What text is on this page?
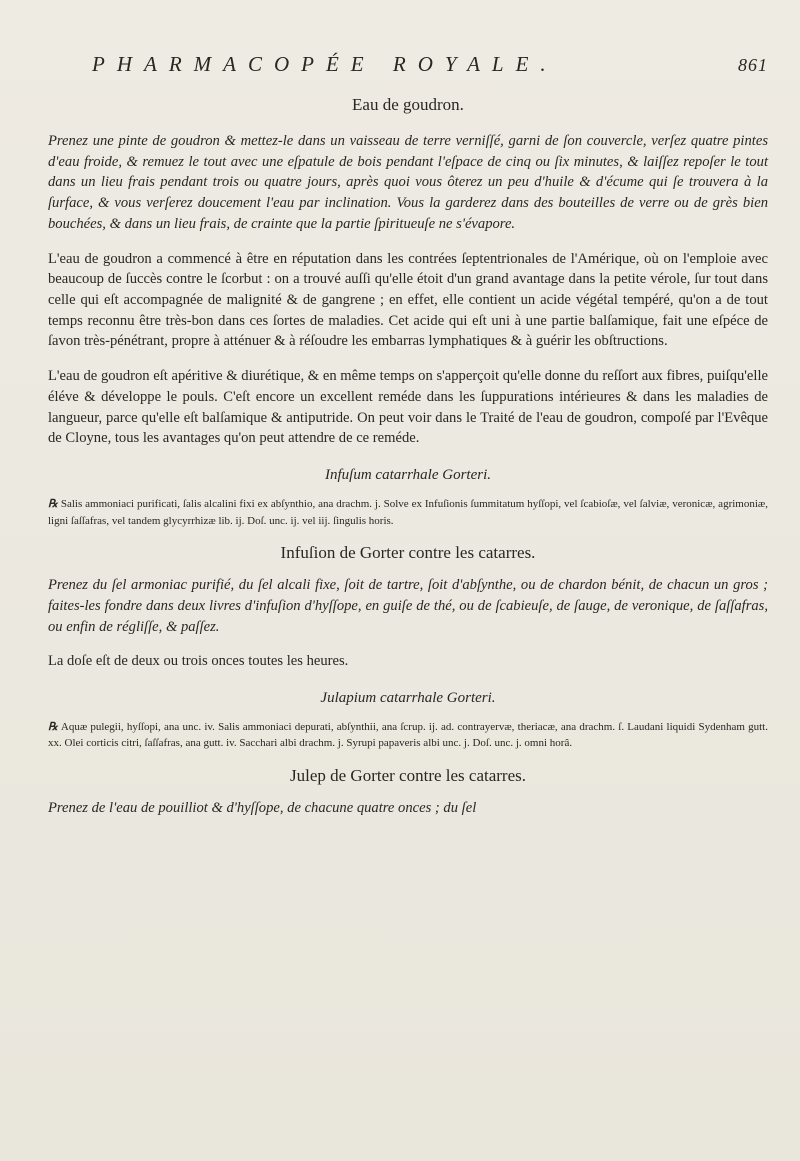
PHARMACOPÉE ROYALE.	861
Eau de goudron.

Prenez une pinte de goudron & mettez-le dans un vaisseau de terre verniſſé, garni de ſon couvercle, verſez quatre pintes d'eau froide, & remuez le tout avec une eſpatule de bois pendant l'eſpace de cinq ou ſix minutes, & laiſſez repoſer le tout dans un lieu frais pendant trois ou quatre jours, après quoi vous ôterez un peu d'huile & d'écume qui ſe trouvera à la ſurface, & vous verſerez doucement l'eau par inclination. Vous la garderez dans des bouteilles de verre ou de grès bien bouchées, & dans un lieu frais, de crainte que la partie ſpiritueuſe ne s'évapore.

L'eau de goudron a commencé à être en réputation dans les contrées ſeptentrionales de l'Amérique, où on l'emploie avec beaucoup de ſuccès contre le ſcorbut : on a trouvé auſſi qu'elle étoit d'un grand avantage dans la petite vérole, ſur tout dans celle qui eſt accompagnée de malignité & de gangrene ; en effet, elle contient un acide végétal tempéré, qu'on a de tout temps reconnu être très-bon dans ces ſortes de maladies. Cet acide qui eſt uni à une partie balſamique, fait une eſpéce de ſavon très-pénétrant, propre à atténuer & à réſoudre les embarras lymphatiques & à guérir les obſtructions.

L'eau de goudron eſt apéritive & diurétique, & en même temps on s'apperçoit qu'elle donne du reſſort aux fibres, puiſqu'elle éléve & développe le pouls. C'eſt encore un excellent reméde dans les ſuppurations intérieures & dans les maladies de langueur, parce qu'elle eſt balſamique & antiputride. On peut voir dans le Traité de l'eau de goudron, compoſé par l'Evêque de Cloyne, tous les avantages qu'on peut attendre de ce reméde.

Infuſum catarrhale Gorteri.

℞ Salis ammoniaci purificati, ſalis alcalini fixi ex abſynthio, ana drachm. j. Solve ex Infuſionis ſummitatum hyſſopi, vel ſcabioſæ, vel ſalviæ, veronicæ, agrimoniæ, ligni ſaſſafras, vel tandem glycyrrhizæ lib. ij. Doſ. unc. ij. vel iij. ſingulis horis.

Infuſion de Gorter contre les catarres.

Prenez du ſel armoniac purifié, du ſel alcali fixe, ſoit de tartre, ſoit d'abſynthe, ou de chardon bénit, de chacun un gros ; faites-les fondre dans deux livres d'infuſion d'hyſſope, en guiſe de thé, ou de ſcabieuſe, de ſauge, de veronique, de ſaſſafras, ou enfin de régliſſe, & paſſez.

La doſe eſt de deux ou trois onces toutes les heures.

Julapium catarrhale Gorteri.

℞ Aquæ pulegii, hyſſopi, ana unc. iv. Salis ammoniaci depurati, abſynthii, ana ſcrup. ij. ad. contrayervæ, theriacæ, ana drachm. ſ. Laudani liquidi Sydenham gutt. xx. Olei corticis citri, ſaſſafras, ana gutt. iv. Sacchari albi drachm. j. Syrupi papaveris albi unc. j. Doſ. unc. j. omni horâ.

Julep de Gorter contre les catarres.

Prenez de l'eau de pouilliot & d'hyſſope, de chacune quatre onces ; du ſel
